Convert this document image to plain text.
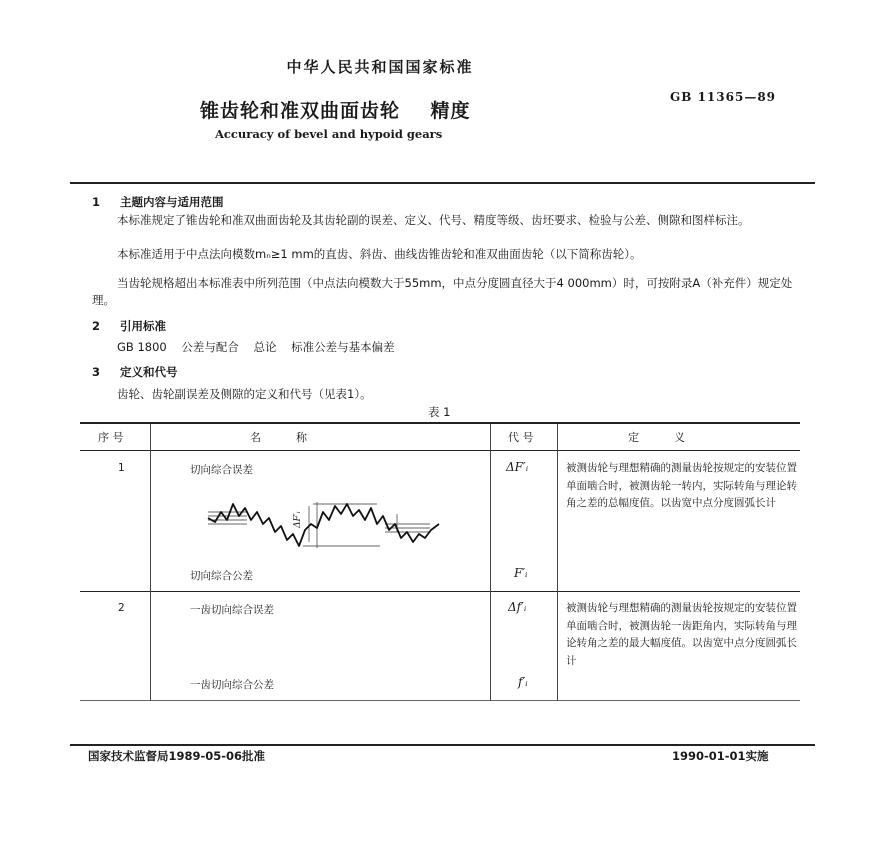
中华人民共和国国家标准
GB 11365—89
锥齿轮和准双曲面齿轮    精度
Accuracy of bevel and hypoid gears
1 主题内容与适用范围
本标准规定了锥齿轮和准双曲面齿轮及其齿轮副的误差、定义、代号、精度等级、齿坯要求、检验与公差、侧隙和图样标注。
本标准适用于中点法向模数mₙ≥1 mm的直齿、斜齿、曲线齿锥齿轮和准双曲面齿轮（以下简称齿轮）。
当齿轮规格超出本标准表中所列范围（中点法向模数大于55mm，中点分度圆直径大于4 000mm）时，可按附录A（补充件）规定处理。
2 引用标准
GB 1800    公差与配合    总论    标准公差与基本偏差
3 定义和代号
齿轮、齿轮副误差及侧隙的定义和代号（见表1）。
表 1
序 号	名          称	代 号	定          义
1	切向综合误差	ΔF′ᵢ	被测齿轮与理想精确的测量齿轮按规定的安装位置单面啮合时，被测齿轮一转内，实际转角与理论转角之差的总幅度值。以齿宽中点分度圆弧长计
ΔF′ᵢ
切向综合公差	F′ᵢ
2	一齿切向综合误差	Δf′ᵢ	被测齿轮与理想精确的测量齿轮按规定的安装位置单面啮合时，被测齿轮一齿距角内，实际转角与理论转角之差的最大幅度值。以齿宽中点分度圆弧长计
一齿切向综合公差	f′ᵢ
国家技术监督局1989-05-06批准	1990-01-01实施
